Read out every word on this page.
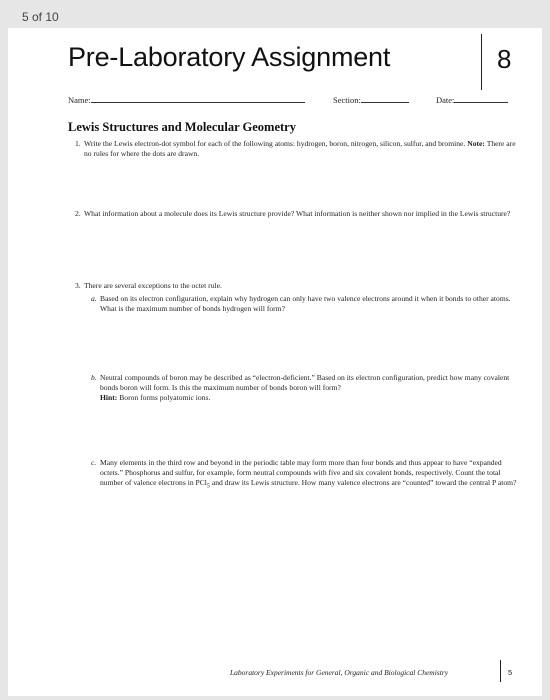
5 of 10
Pre-Laboratory Assignment	8
Name:	Section:	Date:
Lewis Structures and Molecular Geometry
1. Write the Lewis electron-dot symbol for each of the following atoms: hydrogen, boron, nitrogen, silicon, sulfur, and bromine. Note: There are no rules for where the dots are drawn.
2. What information about a molecule does its Lewis structure provide? What information is neither shown nor implied in the Lewis structure?
3. There are several exceptions to the octet rule.
a. Based on its electron configuration, explain why hydrogen can only have two valence electrons around it when it bonds to other atoms. What is the maximum number of bonds hydrogen will form?
b. Neutral compounds of boron may be described as “electron-deficient.” Based on its electron configuration, predict how many covalent bonds boron will form. Is this the maximum number of bonds boron will form?
Hint: Boron forms polyatomic ions.
c. Many elements in the third row and beyond in the periodic table may form more than four bonds and thus appear to have “expanded octets.” Phosphorus and sulfur, for example, form neutral compounds with five and six covalent bonds, respectively. Count the total number of valence electrons in PCl$_5$ and draw its Lewis structure. How many valence electrons are “counted” toward the central P atom?
Laboratory Experiments for General, Organic and Biological Chemistry	5
